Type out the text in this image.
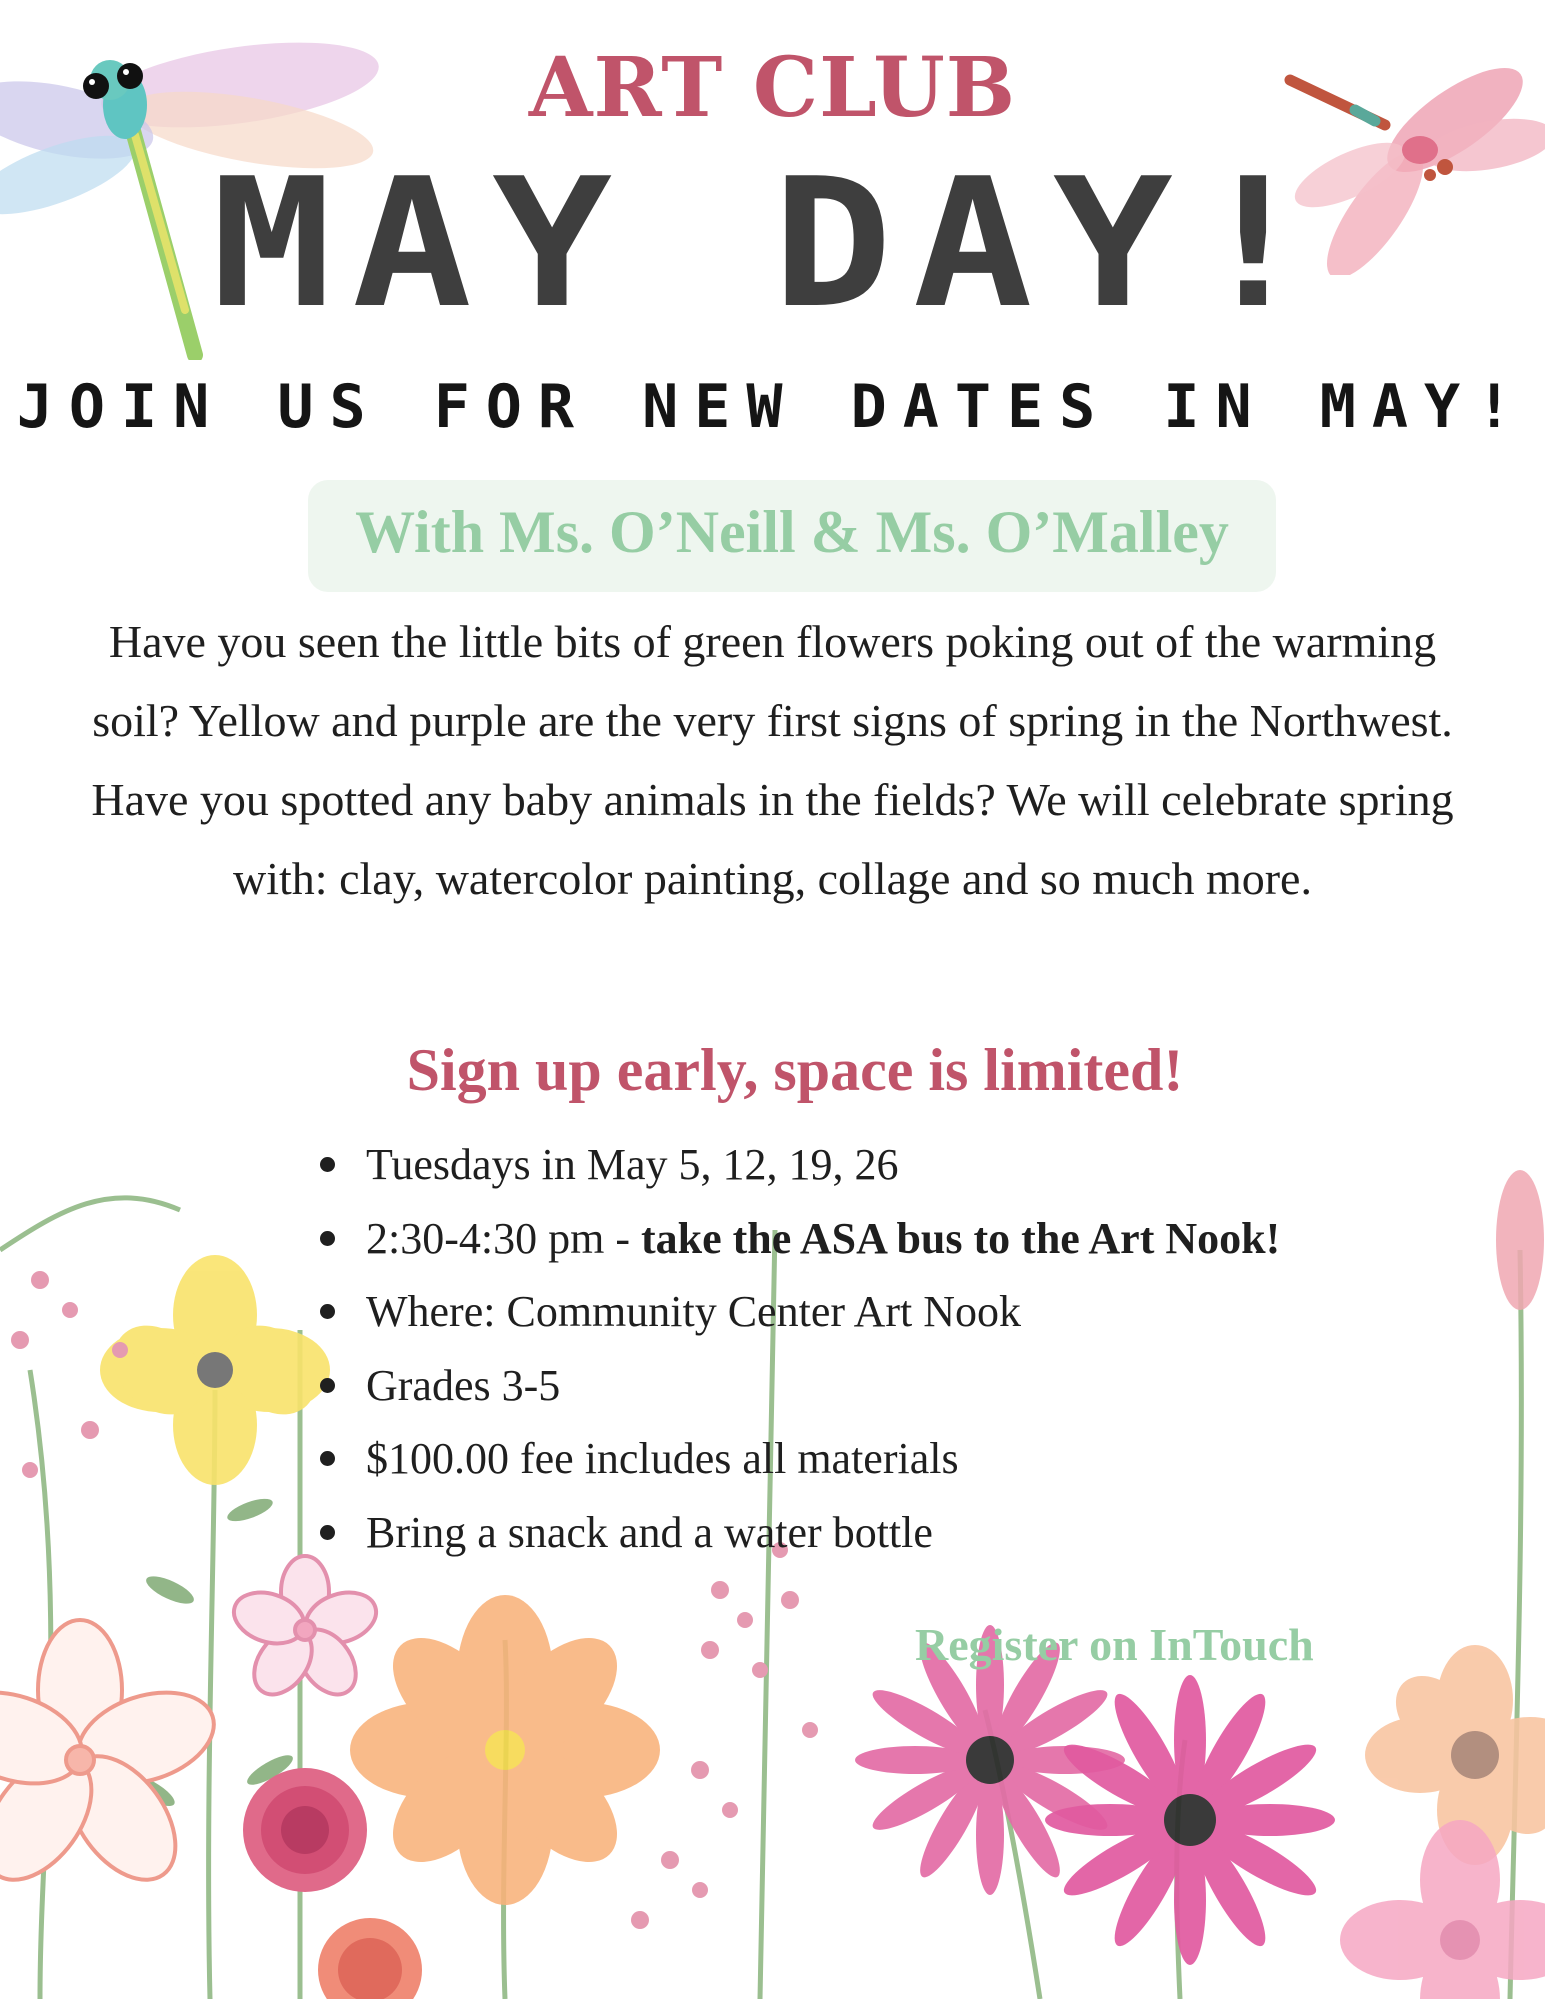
ART CLUB
MAY DAY!
JOIN US FOR NEW DATES IN MAY!
With Ms. O’Neill & Ms. O’Malley
Have you seen the little bits of green flowers poking out of the warming soil? Yellow and purple are the very first signs of spring in the Northwest. Have you spotted any baby animals in the fields? We will celebrate spring with: clay, watercolor painting, collage and so much more.
Sign up early, space is limited!
Tuesdays in May 5, 12, 19, 26
2:30-4:30 pm - take the ASA bus to the Art Nook!
Where: Community Center Art Nook
Grades 3-5
$100.00 fee includes all materials
Bring a snack and a water bottle
Register on InTouch
